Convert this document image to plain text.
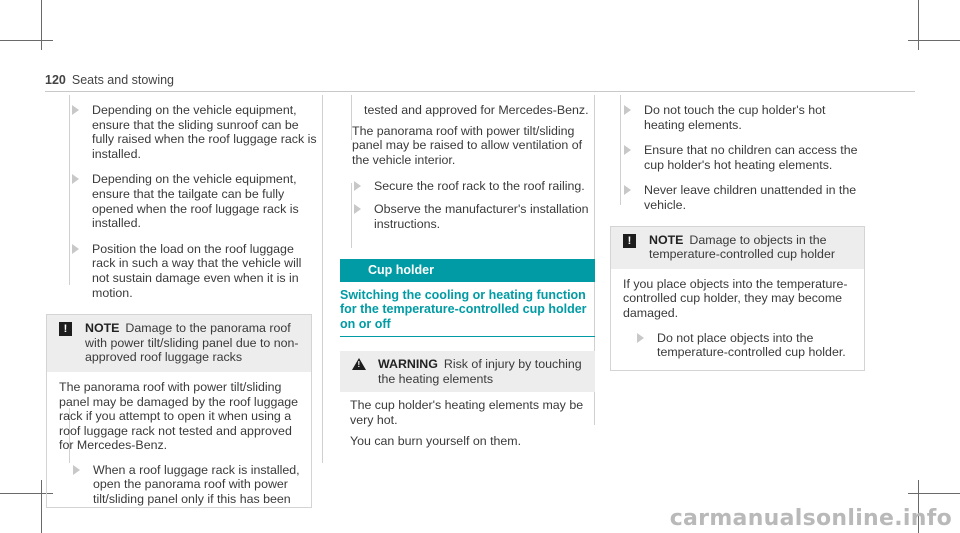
120 Seats and stowing
Depending on the vehicle equipment, ensure that the sliding sunroof can be fully raised when the roof luggage rack is installed.
Depending on the vehicle equipment, ensure that the tailgate can be fully opened when the roof luggage rack is installed.
Position the load on the roof luggage rack in such a way that the vehicle will not sustain damage even when it is in motion.
!	NOTE Damage to the panorama roof with power tilt/sliding panel due to non-approved roof luggage racks

The panorama roof with power tilt/sliding panel may be damaged by the roof luggage rack if you attempt to open it when using a roof luggage rack not tested and approved for Mercedes-Benz.

When a roof luggage rack is installed, open the panorama roof with power tilt/sliding panel only if this has been
tested and approved for Mercedes-Benz.
The panorama roof with power tilt/sliding panel may be raised to allow ventilation of the vehicle interior.
Secure the roof rack to the roof railing.
Observe the manufacturer's installation instructions.
Cup holder
Switching the cooling or heating function for the temperature-controlled cup holder on or off
! WARNING Risk of injury by touching the heating elements

The cup holder's heating elements may be very hot.

You can burn yourself on them.

Do not touch the cup holder's hot heating elements.
Ensure that no children can access the cup holder's hot heating elements.
Never leave children unattended in the vehicle.
!	NOTE Damage to objects in the temperature-controlled cup holder

If you place objects into the temperature-controlled cup holder, they may become damaged.

Do not place objects into the temperature-controlled cup holder.
carmanualsonline.info
